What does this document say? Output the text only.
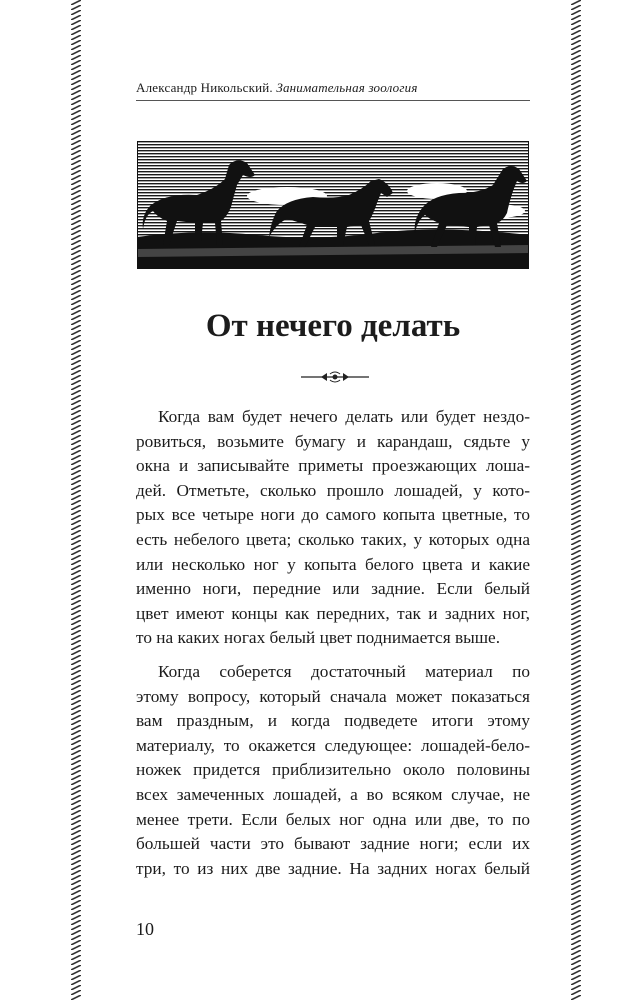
Александр Никольский. Занимательная зоология
От нечего делать

Когда вам будет нечего делать или будет нездо-
ровиться, возьмите бумагу и карандаш, сядьте у
окна и записывайте приметы проезжающих лоша-
дей. Отметьте, сколько прошло лошадей, у кото-
рых все четыре ноги до самого копыта цветные, то
есть небелого цвета; сколько таких, у которых одна
или несколько ног у копыта белого цвета и какие
именно ноги, передние или задние. Если белый
цвет имеют концы как передних, так и задних ног,
то на каких ногах белый цвет поднимается выше.

Когда соберется достаточный материал по
этому вопросу, который сначала может показаться
вам праздным, и когда подведете итоги этому
материалу, то окажется следующее: лошадей-бело-
ножек придется приблизительно около половины
всех замеченных лошадей, а во всяком случае, не
менее трети. Если белых ног одна или две, то по
большей части это бывают задние ноги; если их
три, то из них две задние. На задних ногах белый

10
